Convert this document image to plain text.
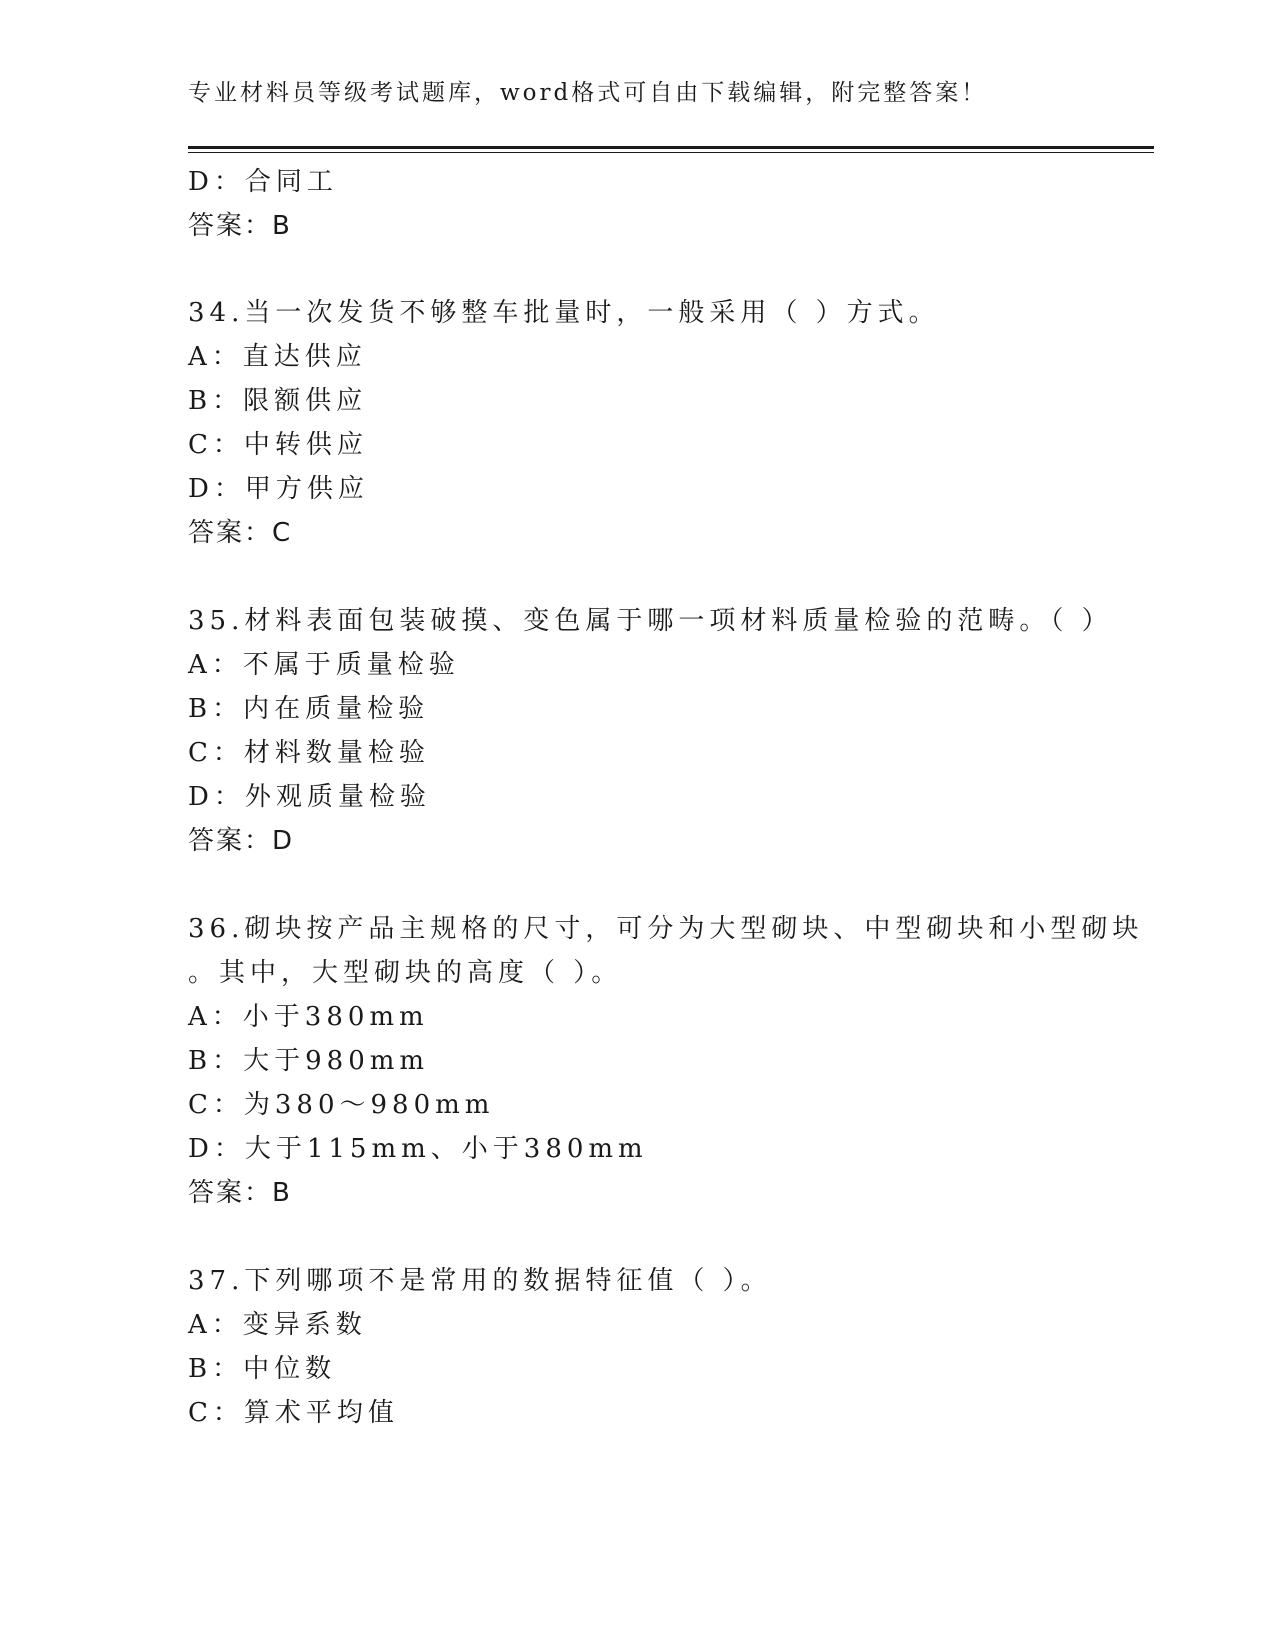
专业材料员等级考试题库，word格式可自由下载编辑，附完整答案！
D：合同工
答案：B
34.当一次发货不够整车批量时，一般采用（ ）方式。
A：直达供应
B：限额供应
C：中转供应
D：甲方供应
答案：C
35.材料表面包装破摸、变色属于哪一项材料质量检验的范畴。（ ）
A：不属于质量检验
B：内在质量检验
C：材料数量检验
D：外观质量检验
答案：D
36.砌块按产品主规格的尺寸，可分为大型砌块、中型砌块和小型砌块
。其中，大型砌块的高度（ ）。
A：小于380mm
B：大于980mm
C：为380～980mm
D：大于115mm、小于380mm
答案：B
37.下列哪项不是常用的数据特征值（ ）。
A：变异系数
B：中位数
C：算术平均值
